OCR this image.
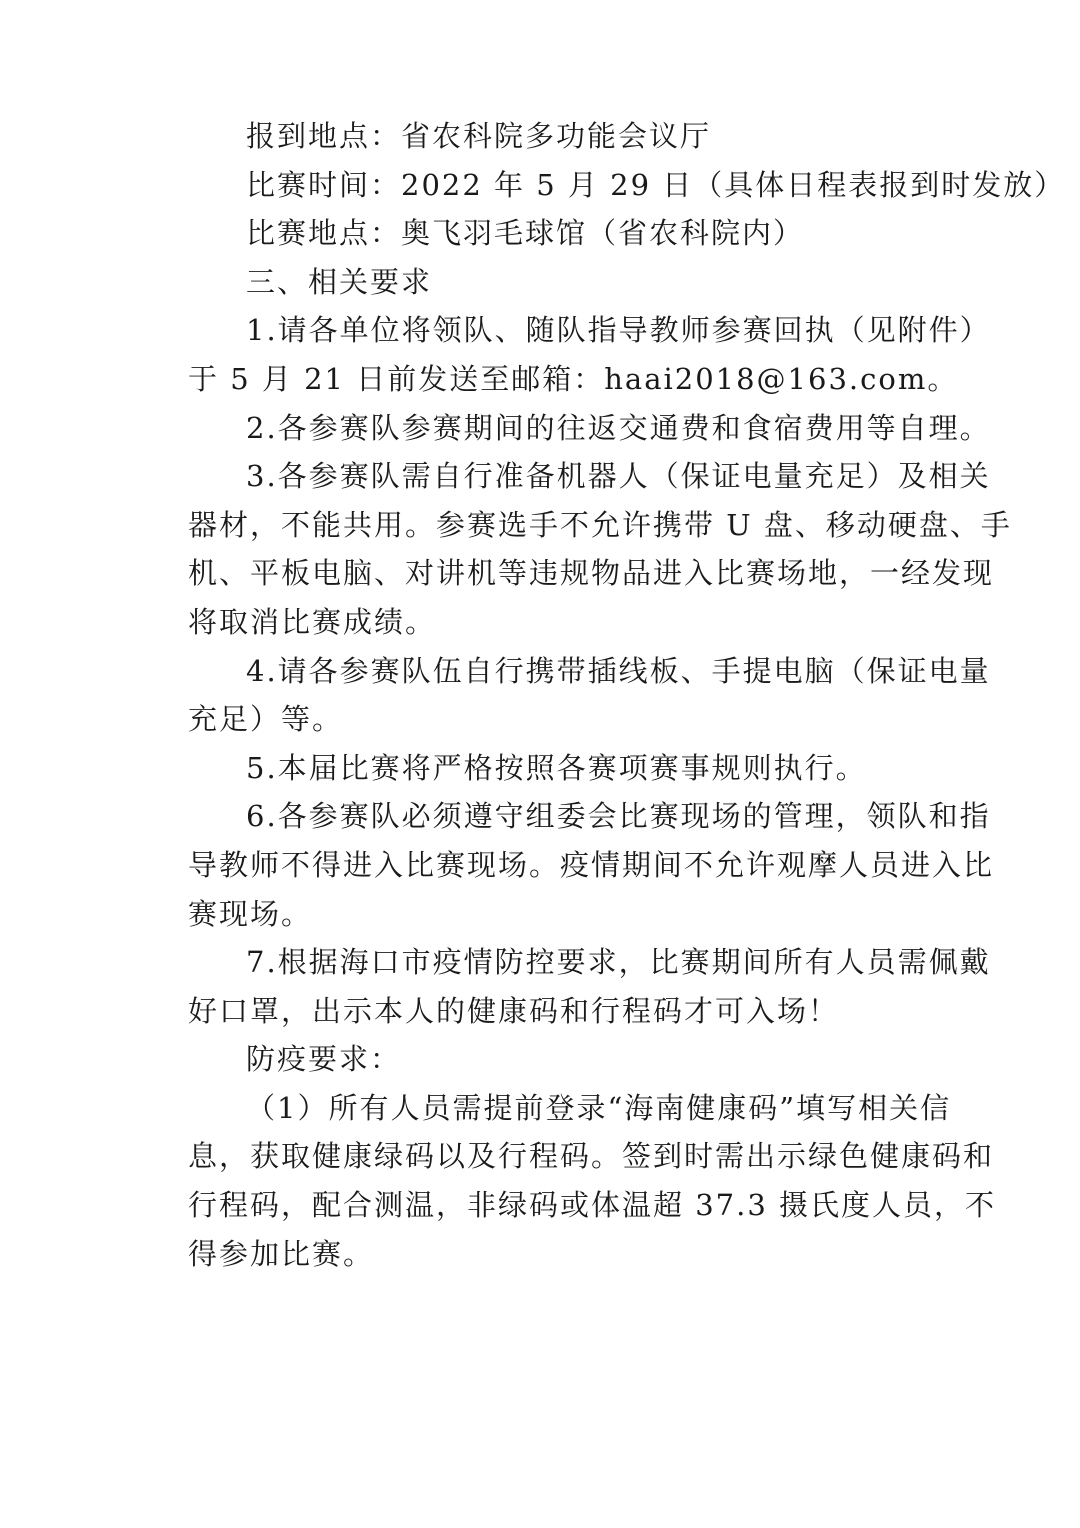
报到地点：省农科院多功能会议厅
比赛时间：2022 年 5 月 29 日（具体日程表报到时发放）
比赛地点：奥飞羽毛球馆（省农科院内）
三、相关要求
1.请各单位将领队、随队指导教师参赛回执（见附件）
于 5 月 21 日前发送至邮箱：haai2018@163.com。
2.各参赛队参赛期间的往返交通费和食宿费用等自理。
3.各参赛队需自行准备机器人（保证电量充足）及相关
器材，不能共用。参赛选手不允许携带 U 盘、移动硬盘、手
机、平板电脑、对讲机等违规物品进入比赛场地，一经发现
将取消比赛成绩。
4.请各参赛队伍自行携带插线板、手提电脑（保证电量
充足）等。
5.本届比赛将严格按照各赛项赛事规则执行。
6.各参赛队必须遵守组委会比赛现场的管理，领队和指
导教师不得进入比赛现场。疫情期间不允许观摩人员进入比
赛现场。
7.根据海口市疫情防控要求，比赛期间所有人员需佩戴
好口罩，出示本人的健康码和行程码才可入场！
防疫要求：
（1）所有人员需提前登录“海南健康码”填写相关信
息，获取健康绿码以及行程码。签到时需出示绿色健康码和
行程码，配合测温，非绿码或体温超 37.3 摄氏度人员，不
得参加比赛。
